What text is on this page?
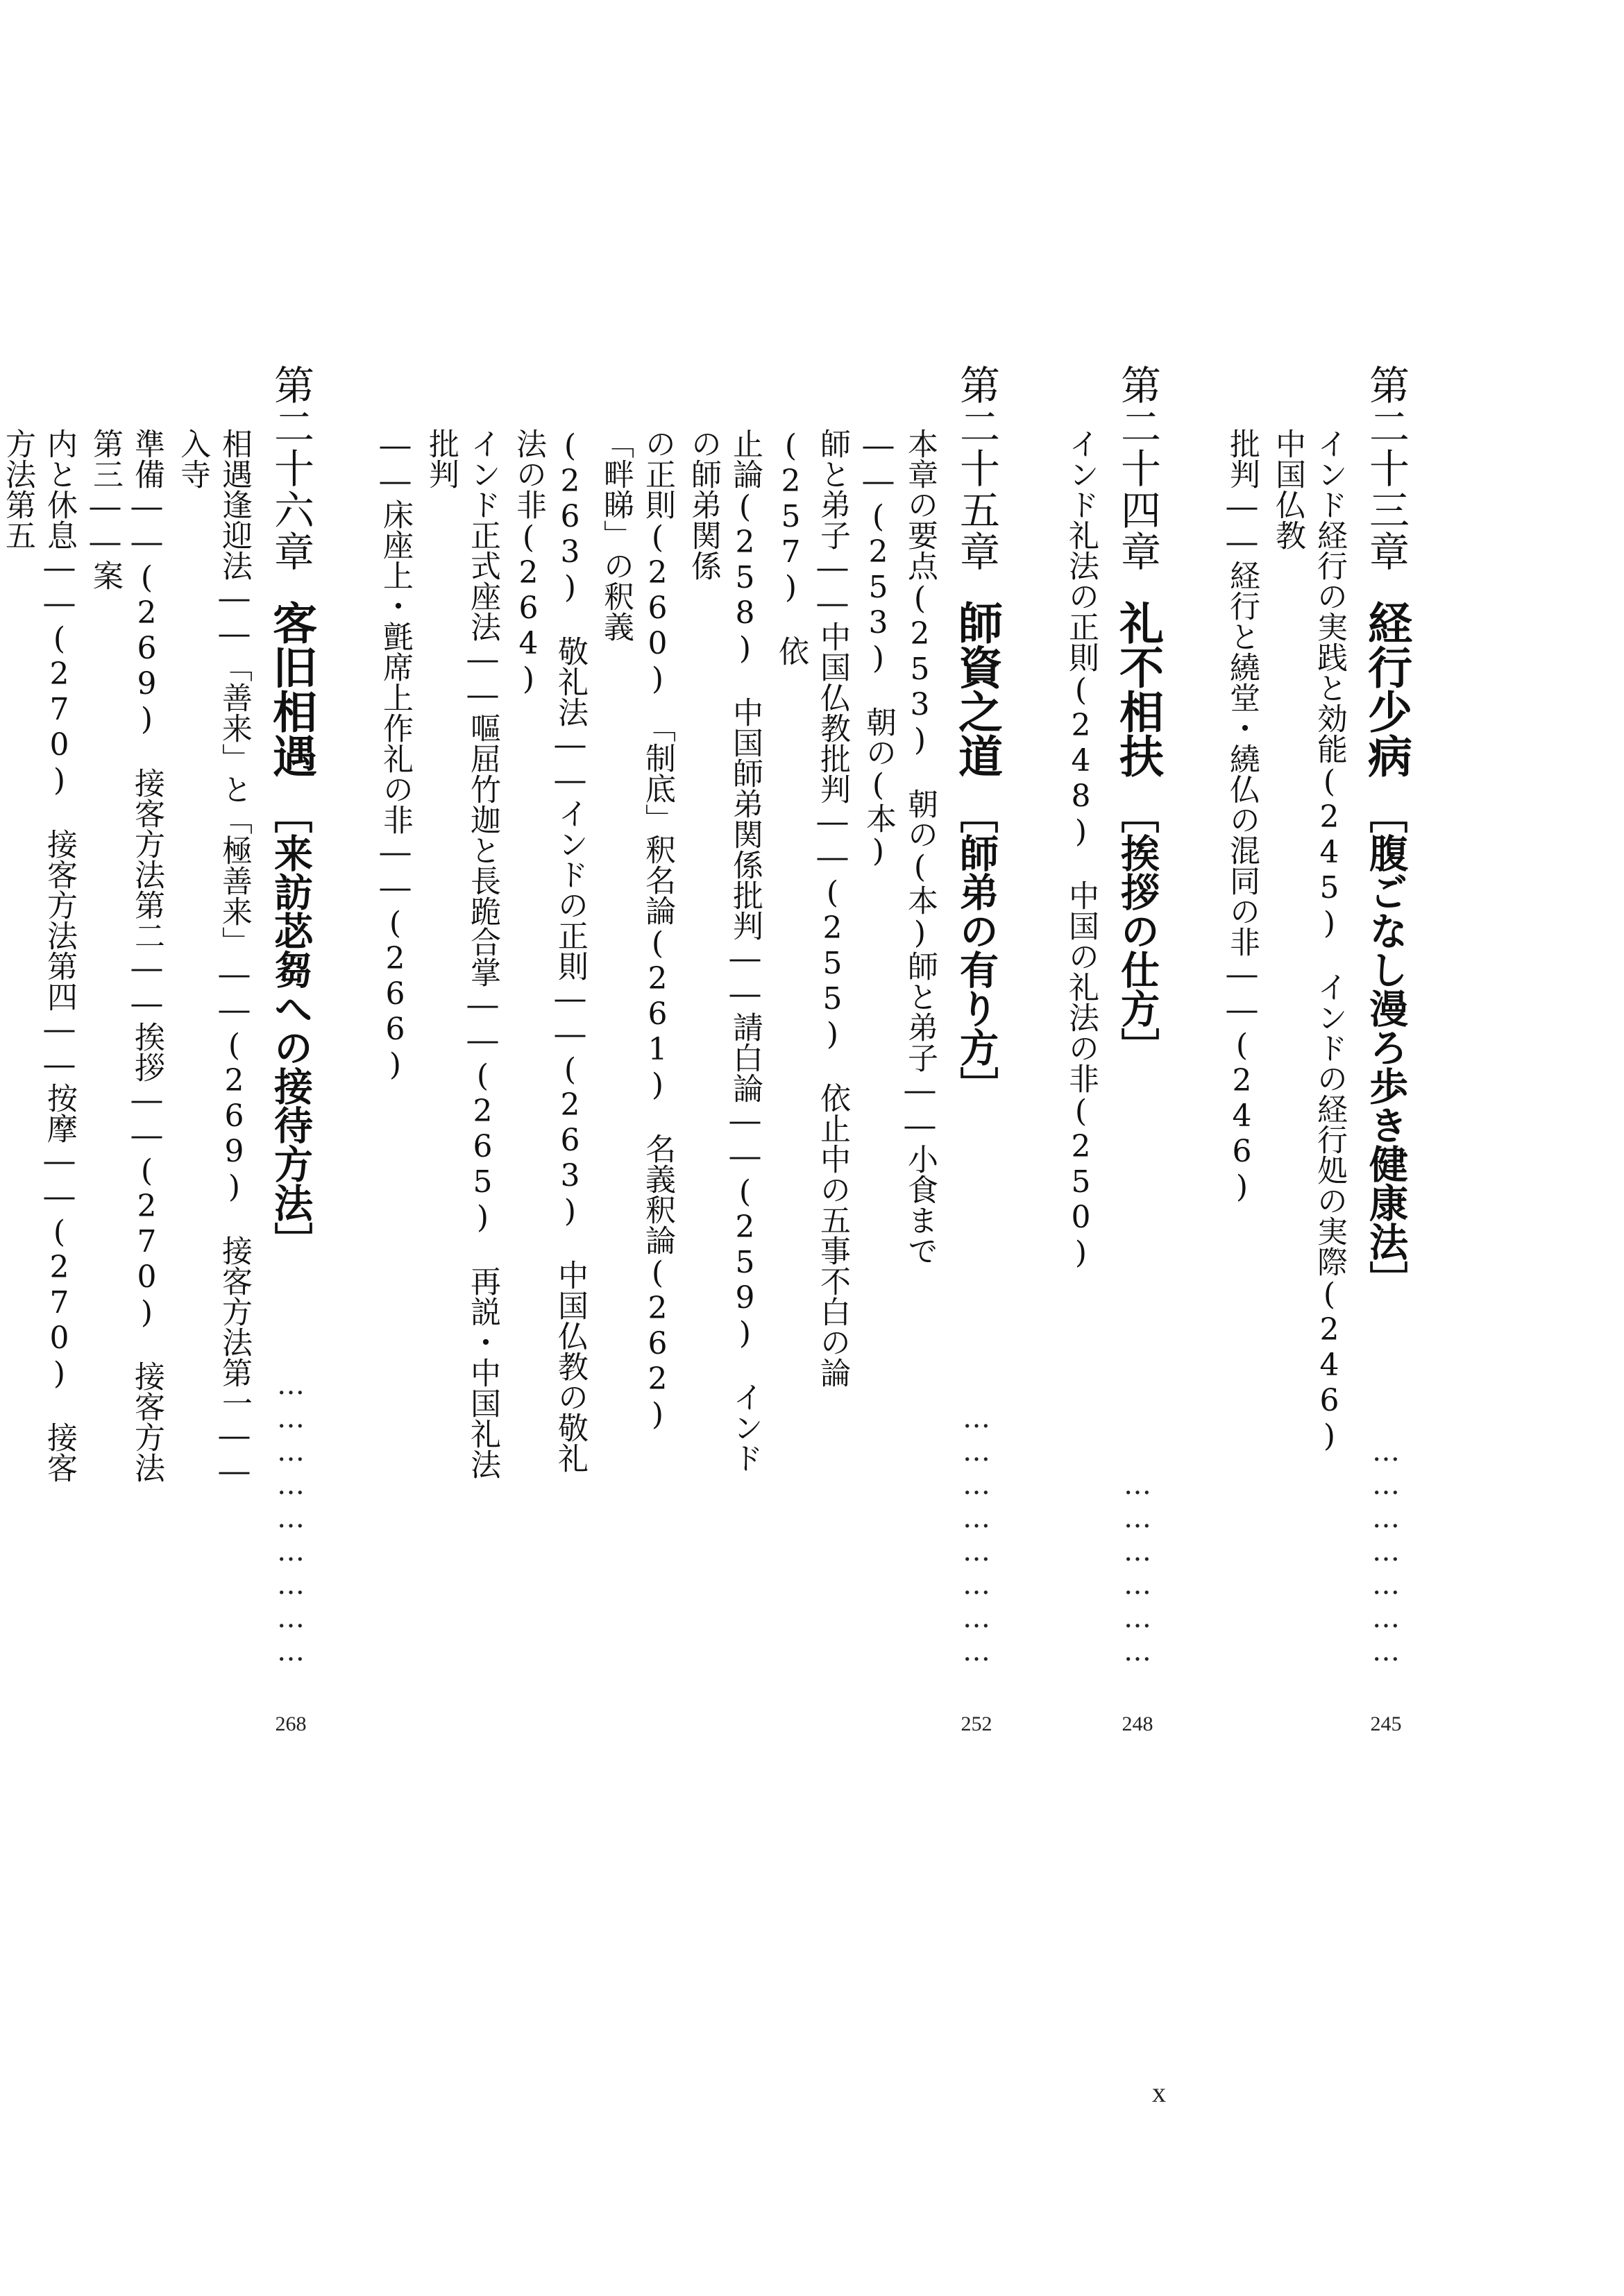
第二十三章経行少病［腹ごなし漫ろ歩き健康法］
…………………
245
インド経行の実践と効能(245)　インドの経行処の実際(246)　中国仏教
批判――経行と繞堂・繞仏の混同の非――(246)
第二十四章礼不相扶［挨拶の仕方］
………………
248
インド礼法の正則(248)　中国の礼法の非(250)
第二十五章師資之道［師弟の有り方］
……………………
252
本章の要点(253)　朝の(本)師と弟子――小食まで――(253)　朝の(本)
師と弟子――中国仏教批判――(255)　依止中の五事不白の論(257)　依
止論(258)　中国師弟関係批判――請白論――(259)　インドの師弟関係
の正則(260)　「制底」釈名論(261)　名義釈論(262)　「畔睇」の釈義
(263)　敬礼法――インドの正則――(263)　中国仏教の敬礼法の非(264)
インド正式座法――嘔屈竹迦と長跪合掌――(265)　再説・中国礼法批判
――床座上・氈席上作礼の非――(266)
第二十六章客旧相遇［来訪苾芻への接待方法］
………………………
268
相遇逢迎法――「善来」と「極善来」――(269)　接客方法第一――入寺
準備――(269)　接客方法第二――挨拶――(270)　接客方法第三――案
内と休息――(270)　接客方法第四――按摩――(270)　接客方法第五
x
